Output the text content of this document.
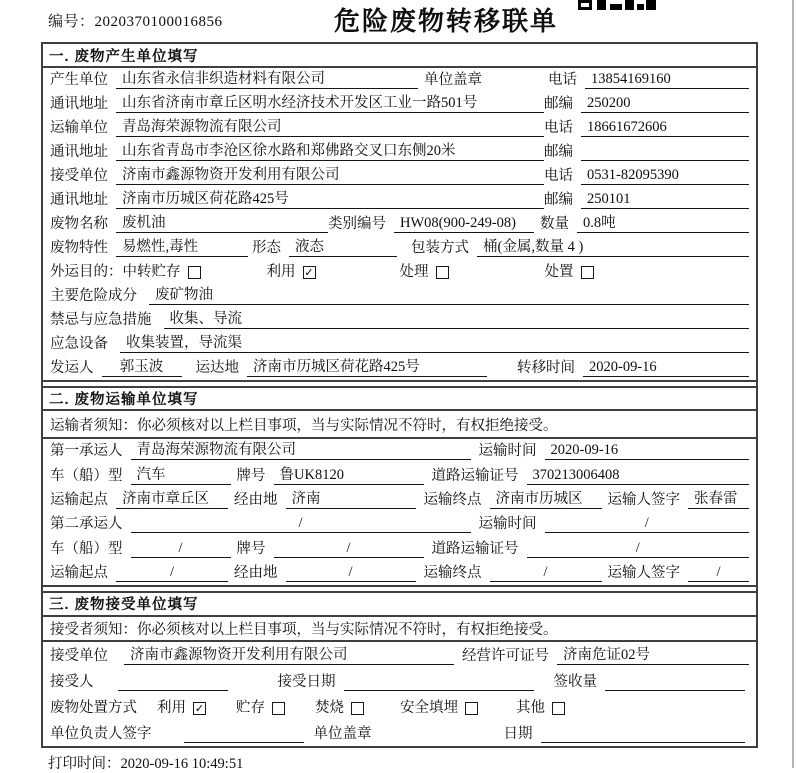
编号：2020370100016856	危险废物转移联单
一. 废物产生单位填写
产生单位 山东省永信非织造材料有限公司	单位盖章	电话 13854169160
通讯地址 山东省济南市章丘区明水经济技术开发区工业一路501号	邮编 250200
运输单位 青岛海荣源物流有限公司	电话 18661672606
通讯地址 山东省青岛市李沧区徐水路和郑佛路交叉口东侧20米	邮编
接受单位 济南市鑫源物资开发利用有限公司	电话 0531-82095390
通讯地址 济南市历城区荷花路425号	邮编 250101
废物名称 废机油	类别编号 HW08(900-249-08)	数量 0.8吨
废物特性 易燃性,毒性	形态 液态	包装方式 桶(金属,数量 4 )
外运目的： 中转贮存	利用 ✓	处理	处置
主要危险成分	废矿物油
禁忌与应急措施	收集、导流
应急设备	收集装置，导流渠
发运人	郭玉波	运达地 济南市历城区荷花路425号	转移时间 2020-09-16
二. 废物运输单位填写
运输者须知：你必须核对以上栏目事项，当与实际情况不符时，有权拒绝接受。
第一承运人 青岛海荣源物流有限公司	运输时间 2020-09-16
车（船）型 汽车	牌号 鲁UK8120	道路运输证号 370213006408
运输起点 济南市章丘区	经由地 济南	运输终点 济南市历城区	运输人签字 张春雷
第二承运人	/	运输时间	/
车（船）型	/	牌号	/	道路运输证号	/
运输起点	/	经由地	/	运输终点	/	运输人签字	/
三. 废物接受单位填写
接受者须知：你必须核对以上栏目事项，当与实际情况不符时，有权拒绝接受。
接受单位	济南市鑫源物资开发利用有限公司	经营许可证号 济南危证02号
接受人	接受日期	签收量
废物处置方式 利用 ✓ 贮存	焚烧	安全填埋	其他
单位负责人签字	单位盖章	日期
打印时间：2020-09-16 10:49:51
